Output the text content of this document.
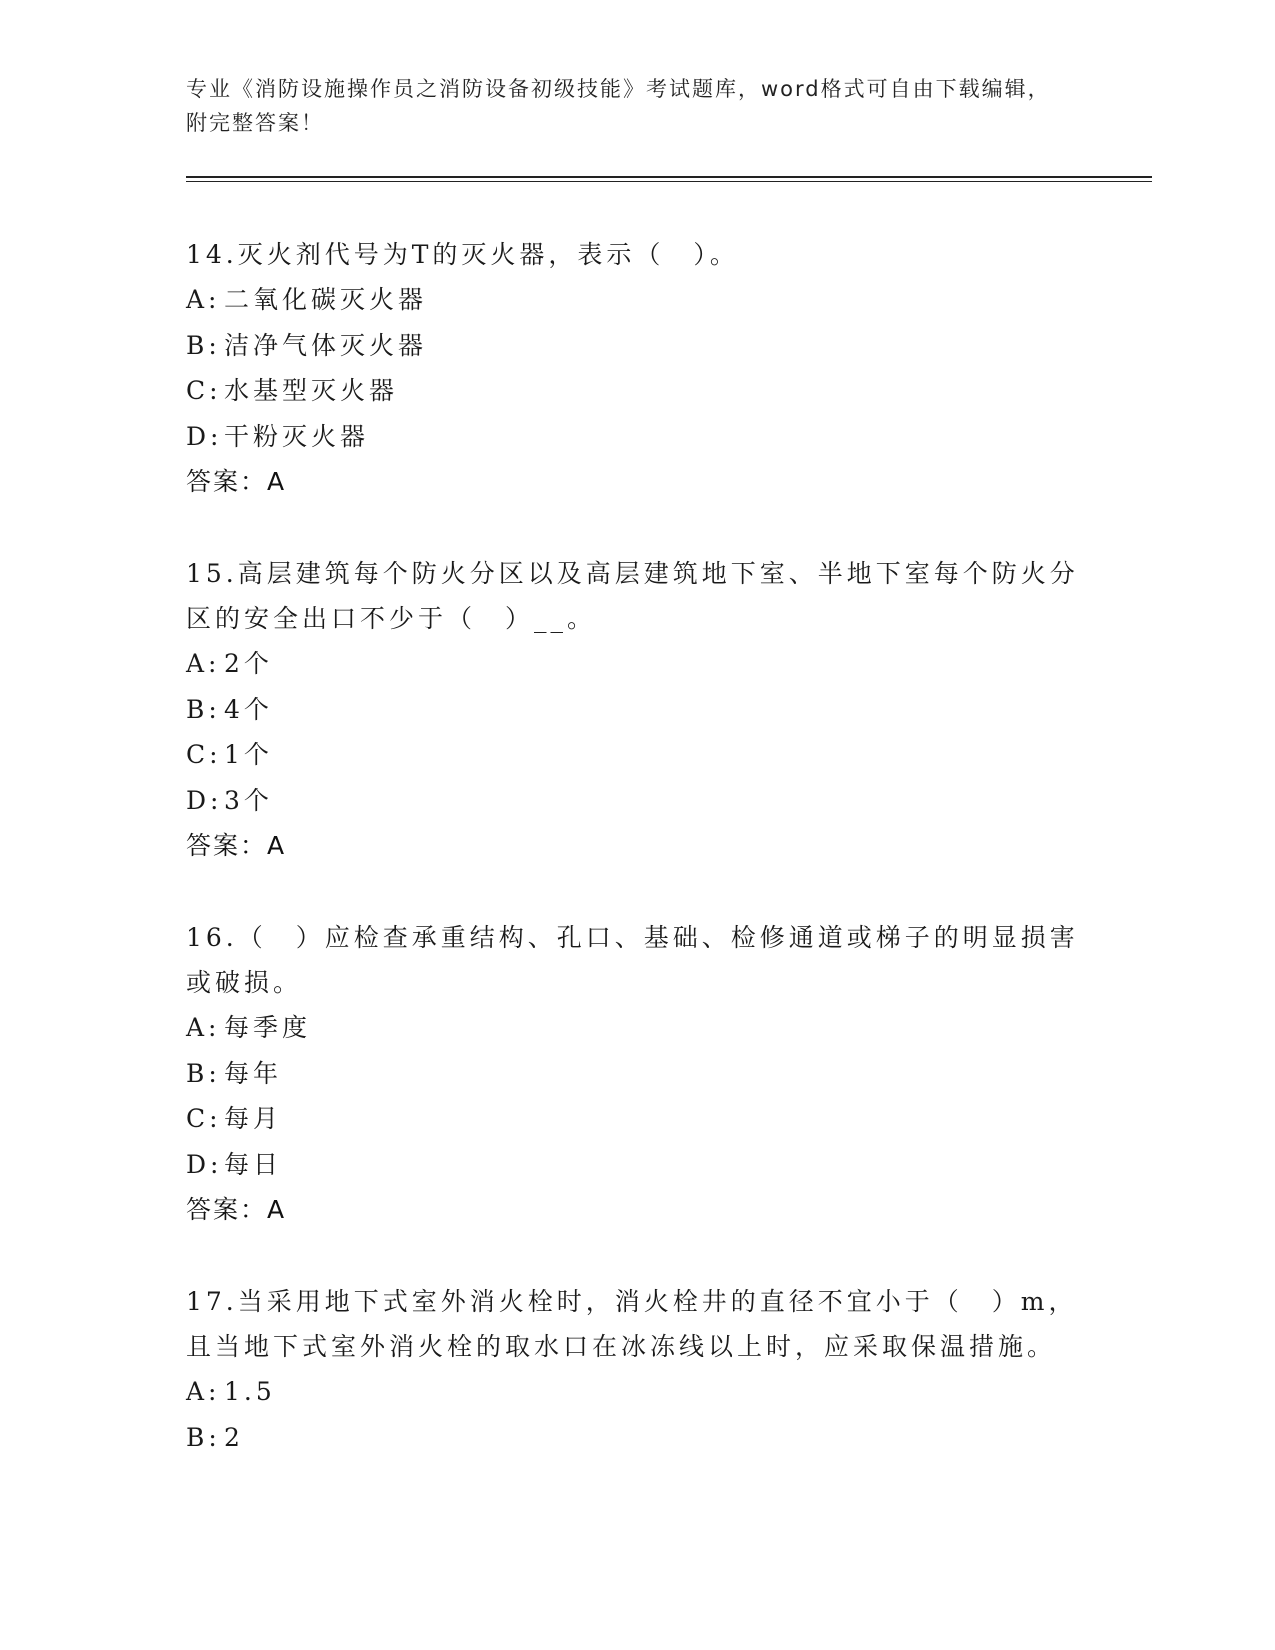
专业《消防设施操作员之消防设备初级技能》考试题库，word格式可自由下载编辑，附完整答案！
14.灭火剂代号为T的灭火器，表示（　）。
A: 二氧化碳灭火器
B: 洁净气体灭火器
C:水基型灭火器
D:干粉灭火器
答案：A
15.高层建筑每个防火分区以及高层建筑地下室、半地下室每个防火分区的安全出口不少于（　）__。
A: 2个
B: 4个
C:1个
D:3个
答案：A
16.（　）应检查承重结构、孔口、基础、检修通道或梯子的明显损害或破损。
A: 每季度
B: 每年
C:每月
D:每日
答案：A
17.当采用地下式室外消火栓时，消火栓井的直径不宜小于（　）m，且当地下式室外消火栓的取水口在冰冻线以上时，应采取保温措施。
A: 1.5
B: 2
